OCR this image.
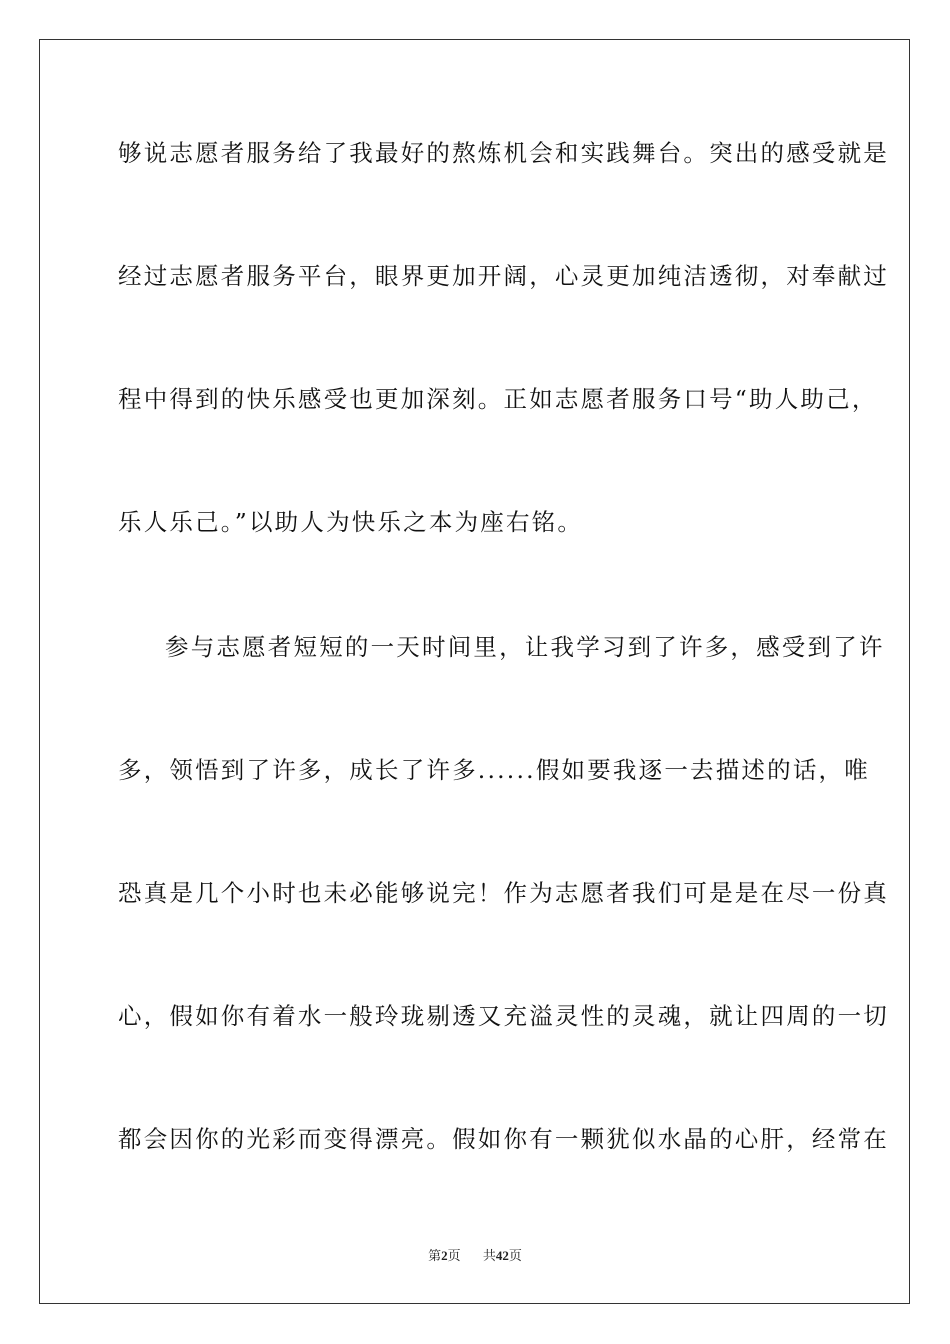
够说志愿者服务给了我最好的熬炼机会和实践舞台。突出的感受就是
经过志愿者服务平台，眼界更加开阔，心灵更加纯洁透彻，对奉献过
程中得到的快乐感受也更加深刻。正如志愿者服务口号“助人助己，
乐人乐己。”以助人为快乐之本为座右铭。
参与志愿者短短的一天时间里，让我学习到了许多，感受到了许
多，领悟到了许多，成长了许多......假如要我逐一去描述的话，唯
恐真是几个小时也未必能够说完！作为志愿者我们可是是在尽一份真
心，假如你有着水一般玲珑剔透又充溢灵性的灵魂，就让四周的一切
都会因你的光彩而变得漂亮。假如你有一颗犹似水晶的心肝，经常在
第2页 共42页
